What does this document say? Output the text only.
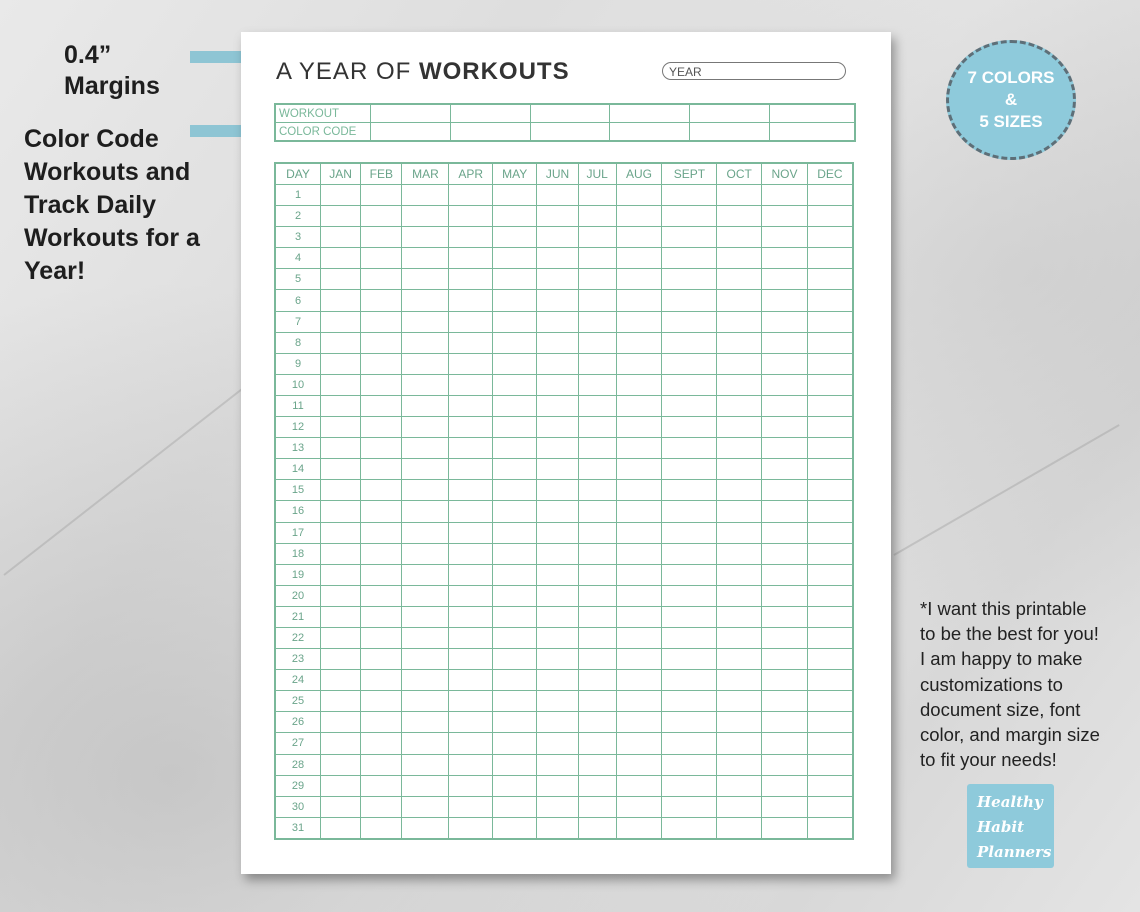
0.4”
Margins
Color Code
Workouts and
Track Daily
Workouts for a
Year!
7 COLORS
&
5 SIZES
A YEAR OF WORKOUTS	YEAR
WORKOUT						
COLOR CODE						
DAY	JAN	FEB	MAR	APR	MAY	JUN	JUL	AUG	SEPT	OCT	NOV	DEC
1												
2												
3												
4												
5												
6												
7												
8												
9												
10												
11												
12												
13												
14												
15												
16												
17												
18												
19												
20												
21												
22												
23												
24												
25												
26												
27												
28												
29												
30												
31												
*I want this printable
to be the best for you!
I am happy to make
customizations to
document size, font
color, and margin size
to fit your needs!
Healthy
Habit
Planners
